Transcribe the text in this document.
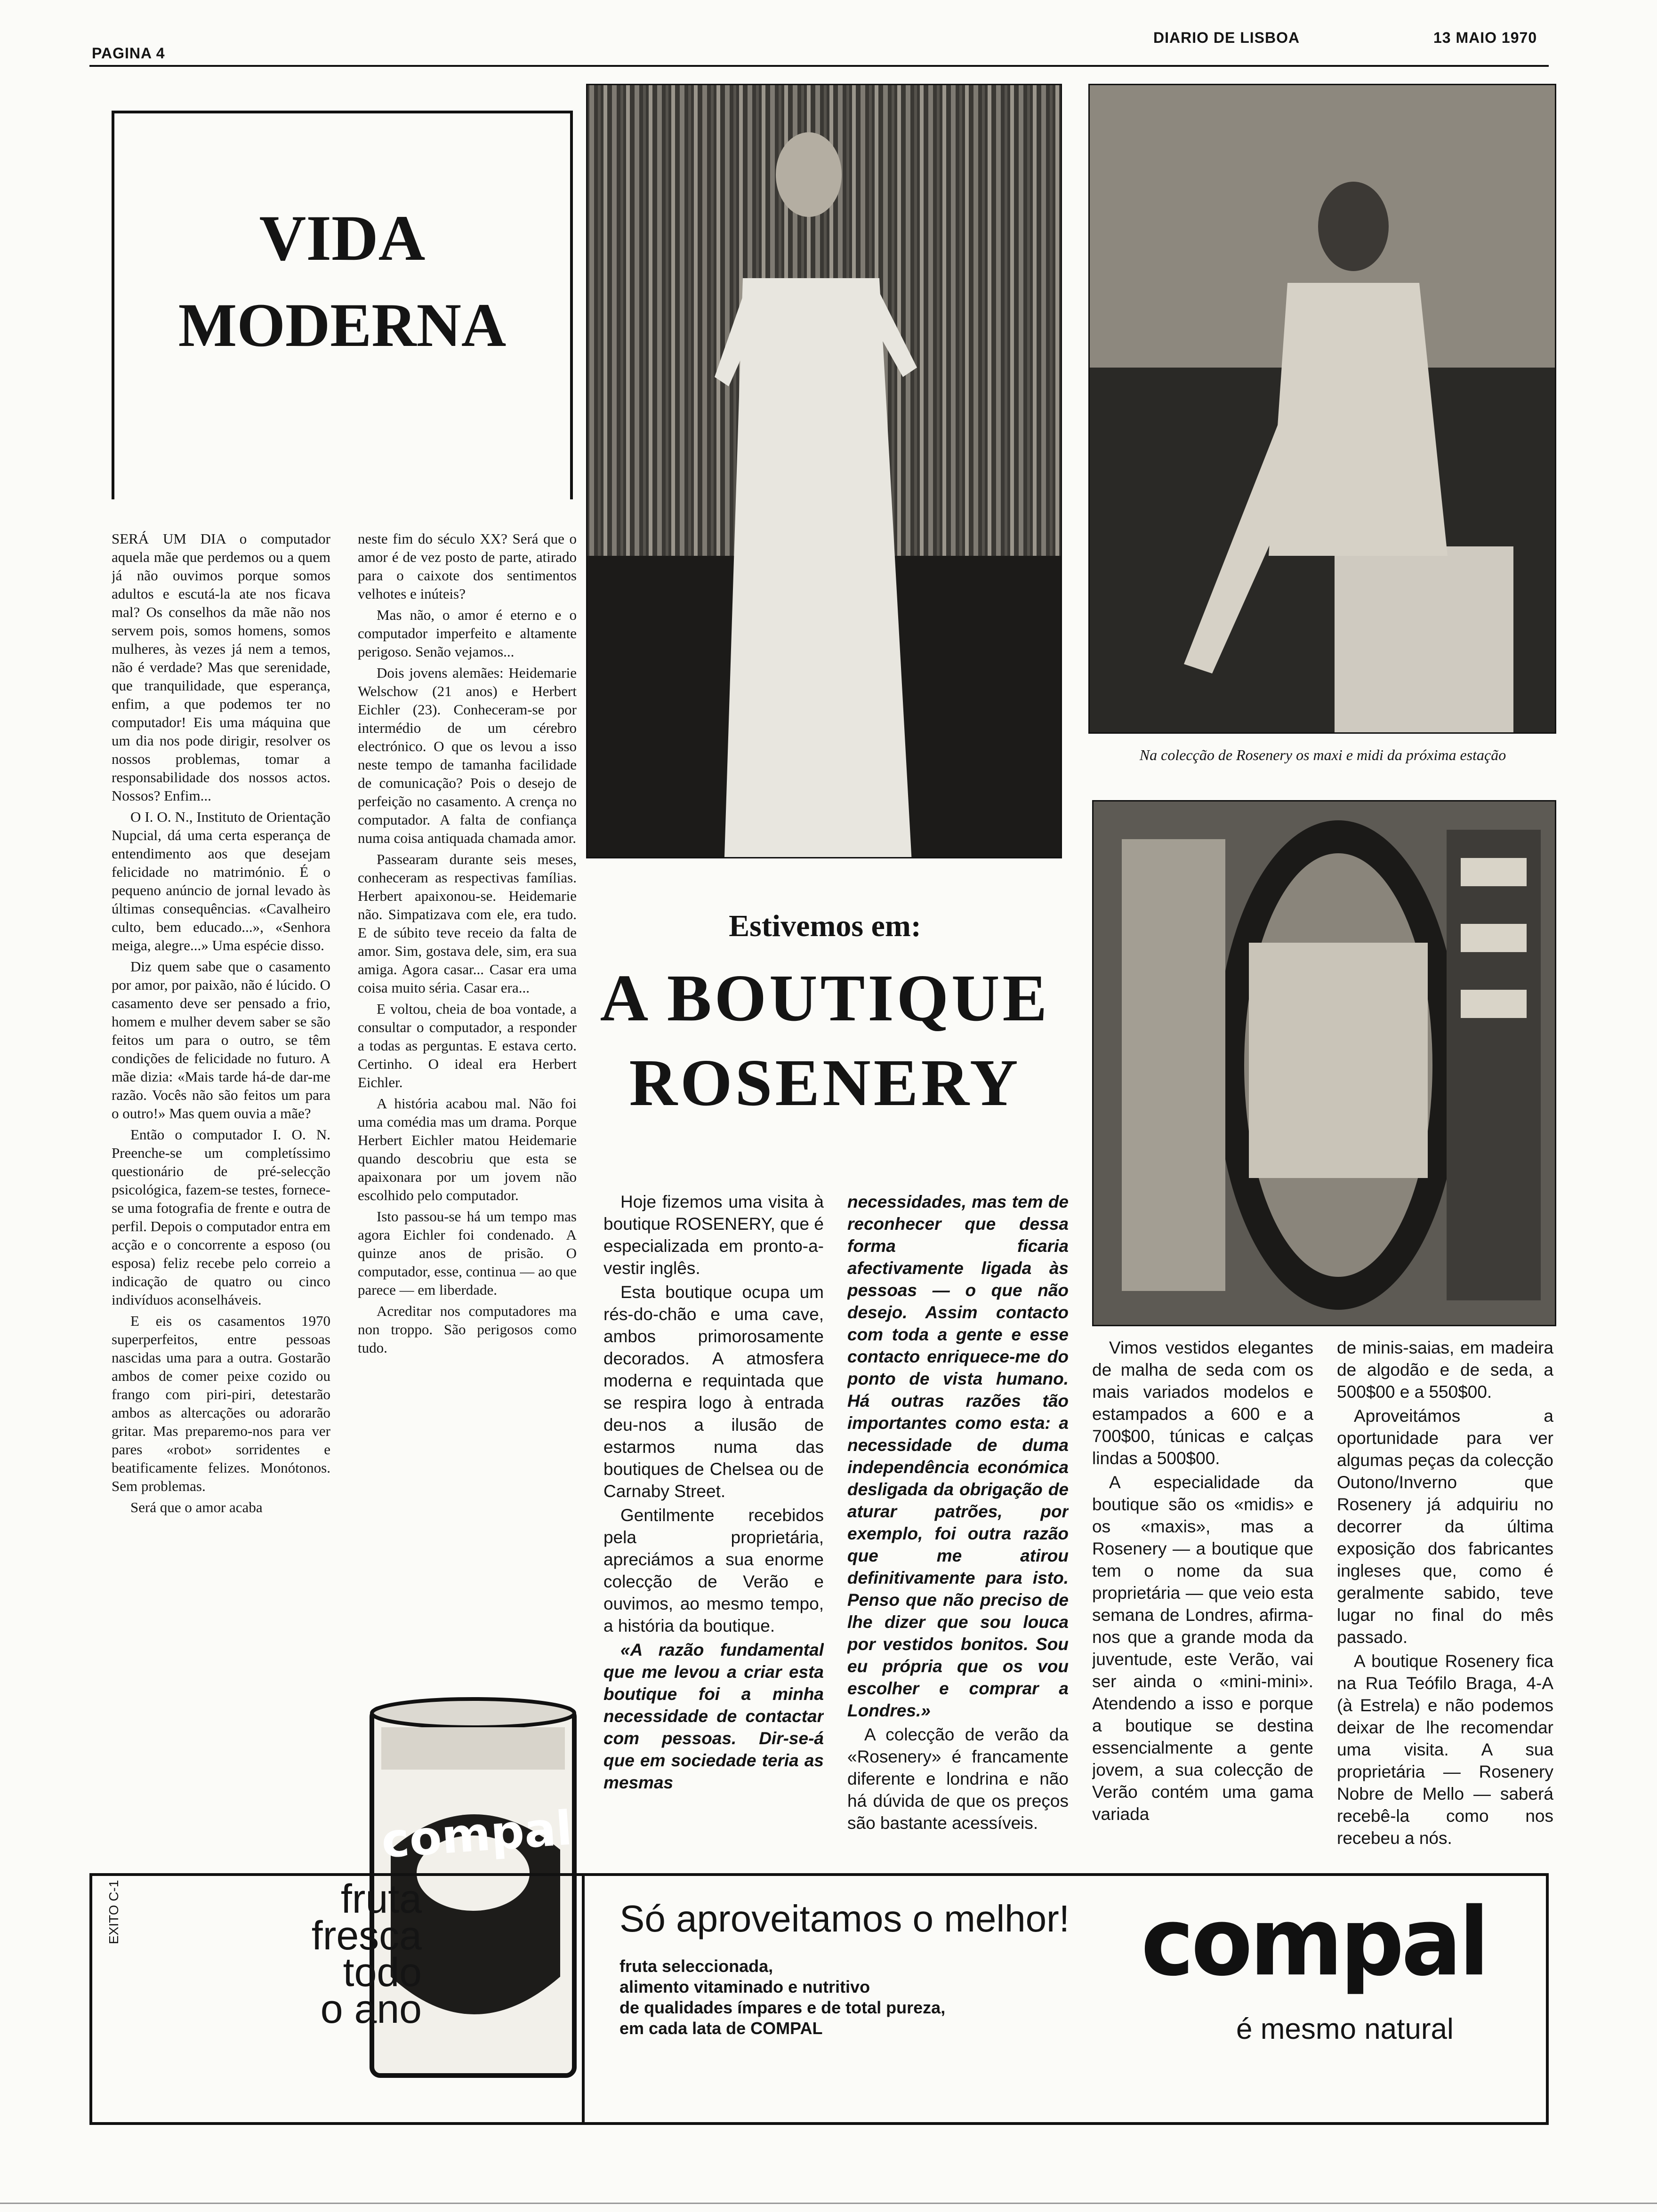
PAGINA 4
DIARIO DE LISBOA	13 MAIO 1970
VIDA
MODERNA

SERÁ UM DIA o computador aquela mãe que perdemos ou a quem já não ouvimos porque somos adultos e escutá-la ate nos ficava mal? Os conselhos da mãe não nos servem pois, somos homens, somos mulheres, às vezes já nem a temos, não é verdade? Mas que serenidade, que tranquilidade, que esperança, enfim, a que podemos ter no computador! Eis uma máquina que um dia nos pode dirigir, resolver os nossos problemas, tomar a responsabilidade dos nossos actos. Nossos? Enfim...

O I. O. N., Instituto de Orientação Nupcial, dá uma certa esperança de entendimento aos que desejam felicidade no matrimónio. É o pequeno anúncio de jornal levado às últimas consequências. «Cavalheiro culto, bem educado...», «Senhora meiga, alegre...» Uma espécie disso.

Diz quem sabe que o casamento por amor, por paixão, não é lúcido. O casamento deve ser pensado a frio, homem e mulher devem saber se são feitos um para o outro, se têm condições de felicidade no futuro. A mãe dizia: «Mais tarde há-de dar-me razão. Vocês não são feitos um para o outro!» Mas quem ouvia a mãe?

Então o computador I. O. N. Preenche-se um completíssimo questionário de pré-selecção psicológica, fazem-se testes, fornece-se uma fotografia de frente e outra de perfil. Depois o computador entra em acção e o concorrente a esposo (ou esposa) feliz recebe pelo correio a indicação de quatro ou cinco indivíduos aconselháveis.

E eis os casamentos 1970 superperfeitos, entre pessoas nascidas uma para a outra. Gostarão ambos de comer peixe cozido ou frango com piri-piri, detestarão ambos as altercações ou adorarão gritar. Mas preparemo-nos para ver pares «robot» sorridentes e beatificamente felizes. Monótonos. Sem problemas.

Será que o amor acaba

neste fim do século XX? Será que o amor é de vez posto de parte, atirado para o caixote dos sentimentos velhotes e inúteis?

Mas não, o amor é eterno e o computador imperfeito e altamente perigoso. Senão vejamos...

Dois jovens alemães: Heidemarie Welschow (21 anos) e Herbert Eichler (23). Conheceram-se por intermédio de um cérebro electrónico. O que os levou a isso neste tempo de tamanha facilidade de comunicação? Pois o desejo de perfeição no casamento. A crença no computador. A falta de confiança numa coisa antiquada chamada amor.

Passearam durante seis meses, conheceram as respectivas famílias. Herbert apaixonou-se. Heidemarie não. Simpatizava com ele, era tudo. E de súbito teve receio da falta de amor. Sim, gostava dele, sim, era sua amiga. Agora casar... Casar era uma coisa muito séria. Casar era...

E voltou, cheia de boa vontade, a consultar o computador, a responder a todas as perguntas. E estava certo. Certinho. O ideal era Herbert Eichler.

A história acabou mal. Não foi uma comédia mas um drama. Porque Herbert Eichler matou Heidemarie quando descobriu que esta se apaixonara por um jovem não escolhido pelo computador.

Isto passou-se há um tempo mas agora Eichler foi condenado. A quinze anos de prisão. O computador, esse, continua — ao que parece — em liberdade.

Acreditar nos computadores ma non troppo. São perigosos como tudo.

Na colecção de Rosenery os maxi e midi da próxima estação
Estivemos em:
A BOUTIQUE
ROSENERY

Hoje fizemos uma visita à boutique ROSENERY, que é especializada em pronto-a-vestir inglês.

Esta boutique ocupa um rés-do-chão e uma cave, ambos primorosamente decorados. A atmosfera moderna e requintada que se respira logo à entrada deu-nos a ilusão de estarmos numa das boutiques de Chelsea ou de Carnaby Street.

Gentilmente recebidos pela proprietária, apreciámos a sua enorme colecção de Verão e ouvimos, ao mesmo tempo, a história da boutique.

«A razão fundamental que me levou a criar esta boutique foi a minha necessidade de contactar com pessoas. Dir-se-á que em sociedade teria as mesmas

necessidades, mas tem de reconhecer que dessa forma ficaria afectivamente ligada às pessoas — o que não desejo. Assim contacto com toda a gente e esse contacto enriquece-me do ponto de vista humano. Há outras razões tão importantes como esta: a necessidade de duma independência económica desligada da obrigação de aturar patrões, por exemplo, foi outra razão que me atirou definitivamente para isto. Penso que não preciso de lhe dizer que sou louca por vestidos bonitos. Sou eu própria que os vou escolher e comprar a Londres.»

A colecção de verão da «Rosenery» é francamente diferente e londrina e não há dúvida de que os preços são bastante acessíveis.

Vimos vestidos elegantes de malha de seda com os mais variados modelos e estampados a 600 e a 700$00, túnicas e calças lindas a 500$00.

A especialidade da boutique são os «midis» e os «maxis», mas a Rosenery — a boutique que tem o nome da sua proprietária — que veio esta semana de Londres, afirma-nos que a grande moda da juventude, este Verão, vai ser ainda o «mini-mini». Atendendo a isso e porque a boutique se destina essencialmente a gente jovem, a sua colecção de Verão contém uma gama variada

de minis-saias, em madeira de algodão e de seda, a 500$00 e a 550$00.

Aproveitámos a oportunidade para ver algumas peças da colecção Outono/Inverno que Rosenery já adquiriu no decorrer da última exposição dos fabricantes ingleses que, como é geralmente sabido, teve lugar no final do mês passado.

A boutique Rosenery fica na Rua Teófilo Braga, 4-A (à Estrela) e não podemos deixar de lhe recomendar uma visita. A sua proprietária — Rosenery Nobre de Mello — saberá recebê-la como nos recebeu a nós.

compal
EXITO C-1	fruta
fresca
todo
o ano
Só aproveitamos o melhor!
fruta seleccionada,
alimento vitaminado e nutritivo
de qualidades ímpares e de total pureza,
em cada lata de COMPAL
compal
é mesmo natural
